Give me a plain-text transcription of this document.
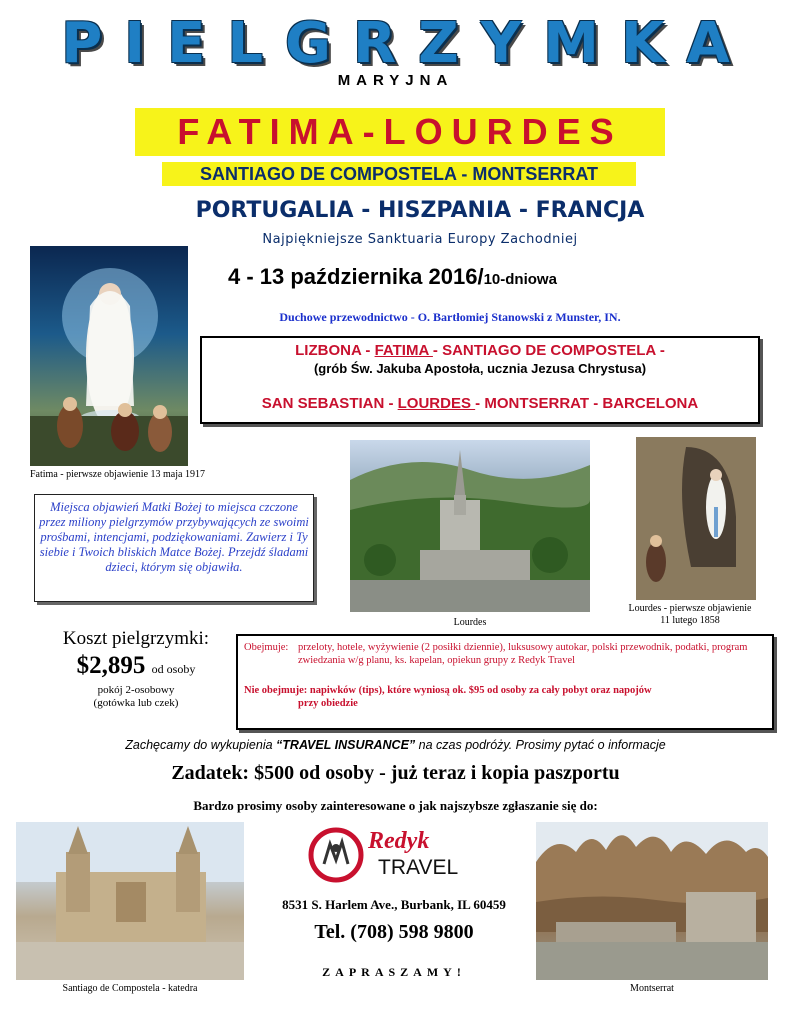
PIELGRZYMKA
MARYJNA
FATIMA-LOURDES
SANTIAGO DE COMPOSTELA - MONTSERRAT
PORTUGALIA - HISZPANIA - FRANCJA
Najpiękniejsze Sanktuaria Europy Zachodniej
4 - 13 października 2016/10-dniowa
Duchowe przewodnictwo - O. Bartłomiej Stanowski z Munster, IN.
LIZBONA - FATIMA - SANTIAGO DE COMPOSTELA -
(grób Św. Jakuba Apostoła, ucznia Jezusa Chrystusa)
SAN SEBASTIAN - LOURDES - MONTSERRAT - BARCELONA
Fatima - pierwsze objawienie 13 maja 1917
Miejsca objawień Matki Bożej to miejsca czczone przez miliony pielgrzymów przybywających ze swoimi prośbami, intencjami, podziękowaniami. Zawierz i Ty siebie i Twoich bliskich Matce Bożej. Przejdź śladami dzieci, którym się objawiła.
Lourdes
Lourdes - pierwsze objawienie
11 lutego 1858
Koszt pielgrzymki:
$2,895 od osoby
pokój 2-osobowy
(gotówka lub czek)
Obejmuje: przeloty, hotele, wyżywienie (2 posiłki dziennie), luksusowy autokar, polski przewodnik, podatki, program zwiedzania w/g planu, ks. kapelan, opiekun grupy z Redyk Travel
Nie obejmuje: napiwków (tips), które wyniosą ok. $95 od osoby za cały pobyt oraz napojów
przy obiedzie
Zachęcamy do wykupienia “TRAVEL INSURANCE” na czas podróży. Prosimy pytać o informacje
Zadatek: $500 od osoby - już teraz i kopia paszportu
Bardzo prosimy osoby zainteresowane o jak najszybsze zgłaszanie się do:
Santiago de Compostela - katedra
Redyk
TRAVEL
8531 S. Harlem Ave., Burbank, IL 60459
Tel. (708) 598 9800
ZAPRASZAMY!
Montserrat
